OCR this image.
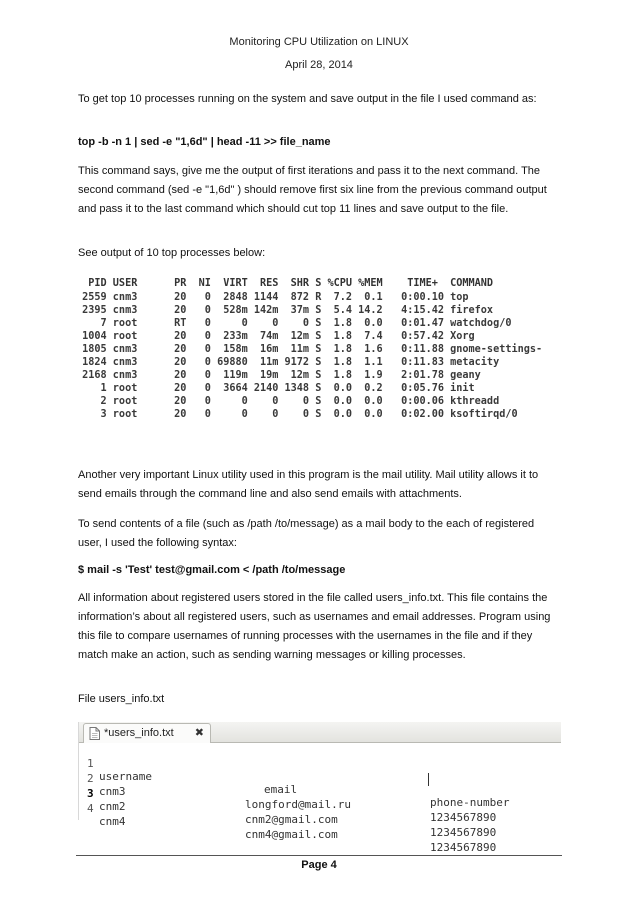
Monitoring CPU Utilization on LINUX
April 28, 2014

To get top 10 processes running on the system and save output in the file I used command as:

top -b -n 1 | sed -e "1,6d" | head -11 >> file_name

This command says, give me the output of first iterations and pass it to the next command. The second command (sed -e "1,6d" ) should remove first six line from the previous command output and pass it to the last command which should cut top 11 lines and save output to the file.

See output of 10 top processes below:

PID USER      PR  NI  VIRT  RES  SHR S %CPU %MEM    TIME+  COMMAND
2559 cnm3      20   0  2848 1144  872 R  7.2  0.1   0:00.10 top
2395 cnm3      20   0  528m 142m  37m S  5.4 14.2   4:15.42 firefox
7 root      RT   0     0    0    0 S  1.8  0.0   0:01.47 watchdog/0
1004 root      20   0  233m  74m  12m S  1.8  7.4   0:57.42 Xorg
1805 cnm3      20   0  158m  16m  11m S  1.8  1.6   0:11.88 gnome-settings-
1824 cnm3      20   0 69880  11m 9172 S  1.8  1.1   0:11.83 metacity
2168 cnm3      20   0  119m  19m  12m S  1.8  1.9   2:01.78 geany
1 root      20   0  3664 2140 1348 S  0.0  0.2   0:05.76 init
2 root      20   0     0    0    0 S  0.0  0.0   0:00.06 kthreadd
3 root      20   0     0    0    0 S  0.0  0.0   0:02.00 ksoftirqd/0

Another very important Linux utility used in this program is the mail utility. Mail utility allows it to send emails through the command line and also send emails with attachments.

To send contents of a file (such as /path /to/message) as a mail body to the each of registered user, I used the following syntax:

$ mail -s 'Test' test@gmail.com < /path /to/message

All information about registered users stored in the file called users_info.txt. This file contains the information’s about all registered users, such as usernames and email addresses. Program using this file to compare usernames of running processes with the usernames in the file and if they match make an action, such as sending warning messages or killing processes.

File users_info.txt

*users_info.txt ✖

1

username

email

phone-number

2

cnm3

longford@mail.ru

1234567890

3

cnm2

cnm2@gmail.com

1234567890

4

cnm4

cnm4@gmail.com

1234567890

Page 4
